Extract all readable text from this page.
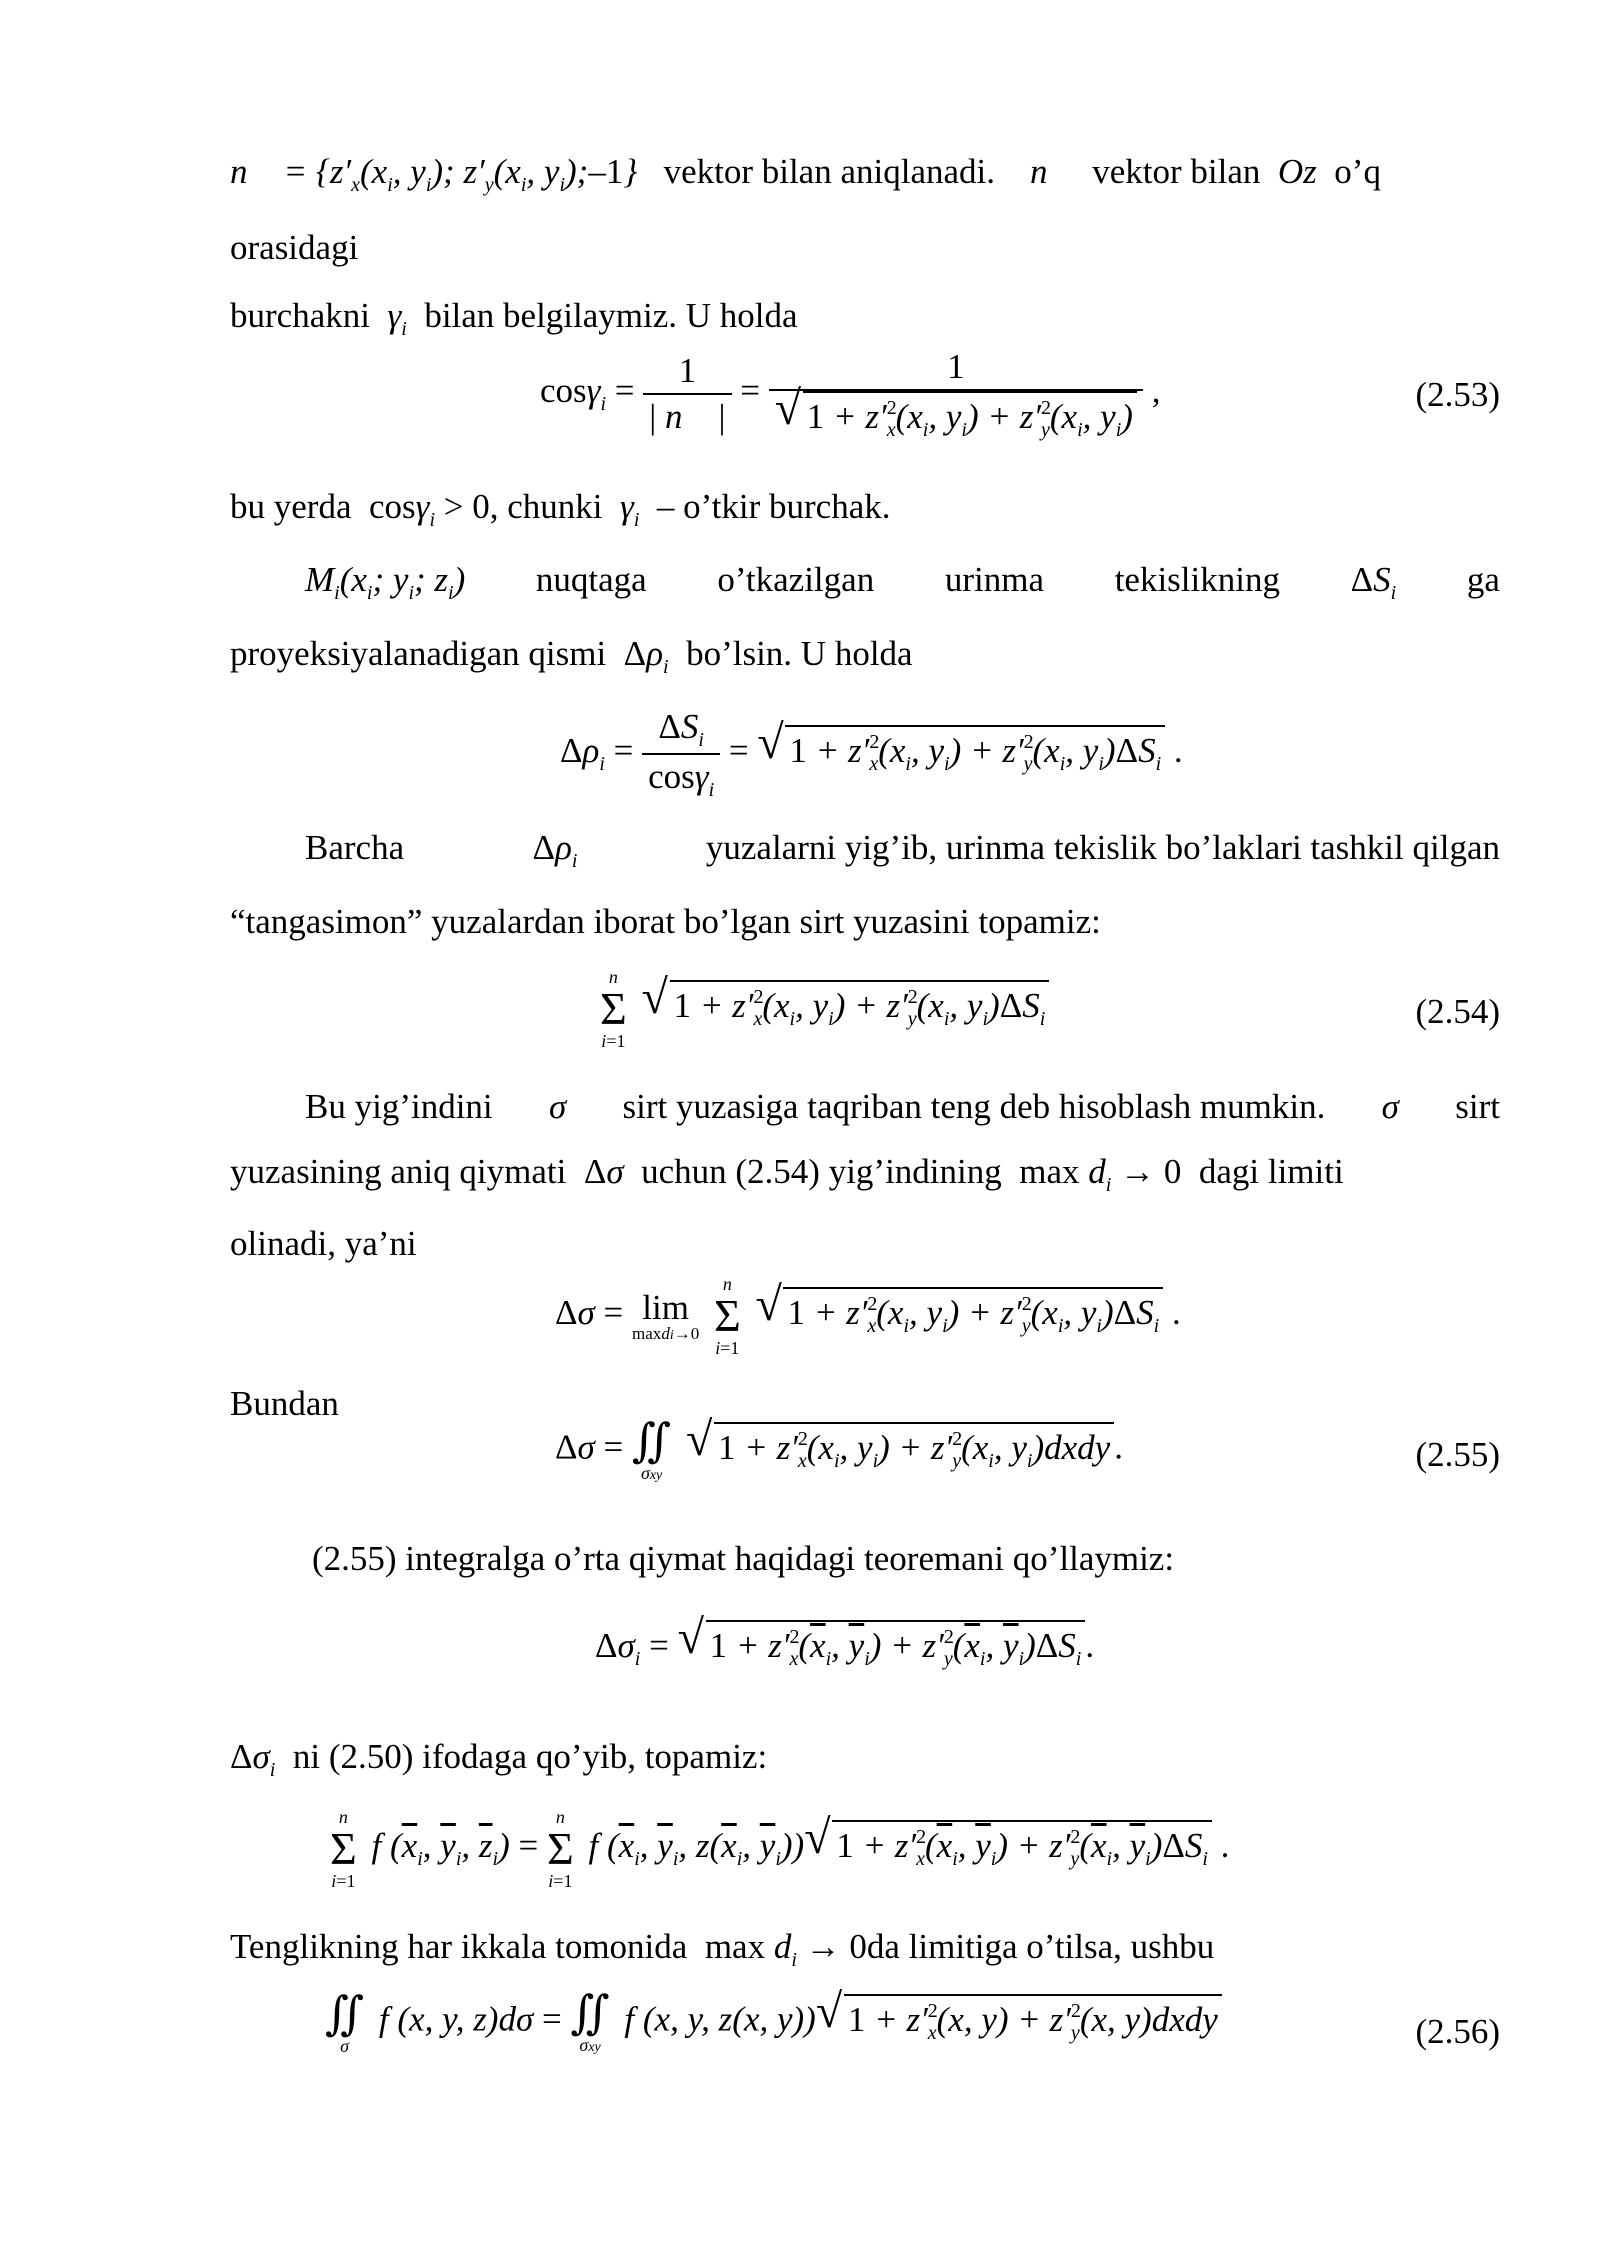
n⃗ = {$z'_x(x_i$, $y_i$); $z'_y(x_i$, $y_i);-1$} vektor bilan aniqlanadi. n⃗ vektor bilan Oz o’q
orasidagi
burchakni $\gamma_i$ bilan belgilaymiz. U holda
$\cos\gamma_i = \frac{1}{| n⃗ |} = \frac{1}{√ 1 + z'^2_x(x_i, y_i) + z'^2_y(x_i, y_i)}$ ,	(2.53)
bu yerda cosγ$_i$ > 0, chunki $\gamma_i$ – o’tkir burchak.
$M_i(x_i$; $y_i$; $z_i$) nuqtaga o’tkazilgan urinma tekislikning $\Delta S_i$ ga
proyeksiyalanadigan qismi $\Delta\rho_i$ bo’lsin. U holda
$\Delta\rho_i = \frac{\Delta S_i}{\cos\gamma_i}$ = √ $1 + z'^2_x(x_i$, $y_i) + z'^2_y(x_i$, $y_i)\Delta S_i$ .
Barcha	$\Delta\rho_i$	yuzalarni yig’ib, urinma tekislik bo’laklari tashkil qilgan
“tangasimon” yuzalardan iborat bo’lgan sirt yuzasini topamiz:
n
Σ
i=1

√ $1 + z'^2_x(x_i$, $y_i) + z'^2_y(x_i$, $y_i)\Delta S_i$	(2.54)
Bu yig’indini σ sirt yuzasiga taqriban teng deb hisoblash mumkin. σ sirt
yuzasining aniq qiymati Δσ uchun (2.54) yig’indining $\max d_i \to 0$  dagi limiti
olinadi, ya’ni
Δσ = lim
maxdi→0

n
Σ
i=1

√ $1 + z'^2_x(x_i$, $y_i) + z'^2_y(x_i$, $y_i)\Delta S_i$ .
Bundan
Δσ = ∬
σxy

√ $1 + z'^2_x(x_i$, $y_i) + z'^2_y(x_i$, $y_i)dxdy$ .	(2.55)
(2.55) integralga o’rta qiymat haqidagi teoremani qo’llaymiz:
$\Delta\sigma_i$ = √ $1 + z'^2_x(\overline{x}_i$, $\overline{y}_i) + z'^2_y(\overline{x}_i$, $\overline{y}_i)\Delta S_i$ .
$\Delta\sigma_i$ ni (2.50) ifodaga qo’yib, topamiz:
n
Σ
i=1
f ($\overline{x}_i$, $\overline{y}_i$, $\overline{z}_i$) =
n
Σ
i=1
f ($\overline{x}_i$, $\overline{y}_i$, $z(\overline{x}_i$, $\overline{y}_i$)) √ $1 + z'^2_x(\overline{x}_i$, $\overline{y}_i) + z'^2_y(\overline{x}_i$, $\overline{y}_i)\Delta S_i$ .
Tenglikning har ikkala tomonida $\max d_i \to 0da$ limitiga o’tilsa, ushbu
∬
σ
f (x, y, z)dσ = ∬
σxy
f (x, y, z(x, y)) √ $1 + z'^2_x(x$, $y) + z'^2_y(x$, y)dxdy	(2.56)
